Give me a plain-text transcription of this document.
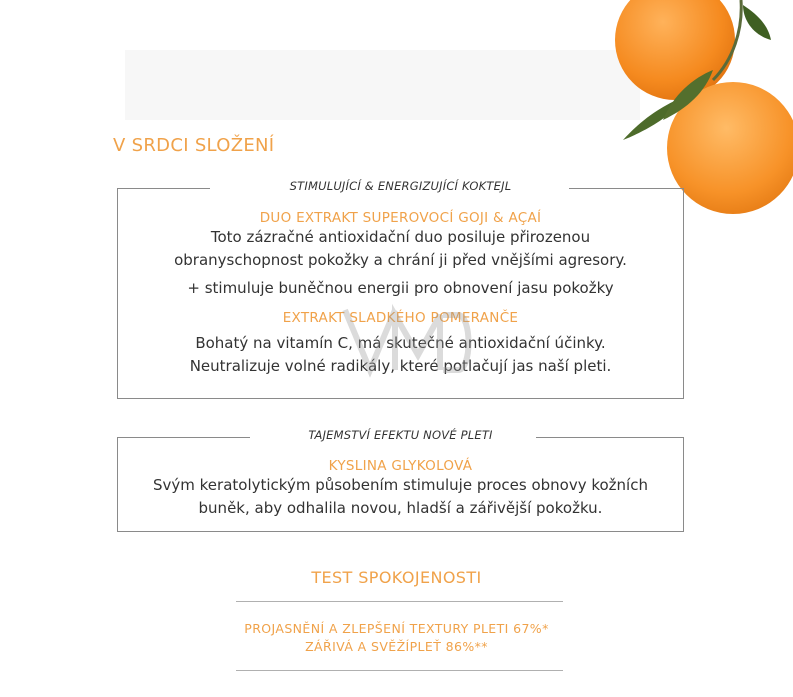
V SRDCI SLOŽENÍ
STIMULUJÍCÍ & ENERGIZUJÍCÍ KOKTEJL
DUO EXTRAKT SUPEROVOCÍ GOJI & AÇAÍ
Toto zázračné antioxidační duo posiluje přirozenou
obranyschopnost pokožky a chrání ji před vnějšími agresory.
+ stimuluje buněčnou energii pro obnovení jasu pokožky
EXTRAKT SLADKÉHO POMERANČE
Bohatý na vitamín C, má skutečné antioxidační účinky.
Neutralizuje volné radikály, které potlačují jas naší pleti.
TAJEMSTVÍ EFEKTU NOVÉ PLETI
KYSLINA GLYKOLOVÁ
Svým keratolytickým působením stimuluje proces obnovy kožních
buněk, aby odhalila novou, hladší a zářivější pokožku.
TEST SPOKOJENOSTI
PROJASNĚNÍ A ZLEPŠENÍ TEXTURY PLETI 67%*
ZÁŘIVÁ A SVĚŽÍPLEŤ 86%**
